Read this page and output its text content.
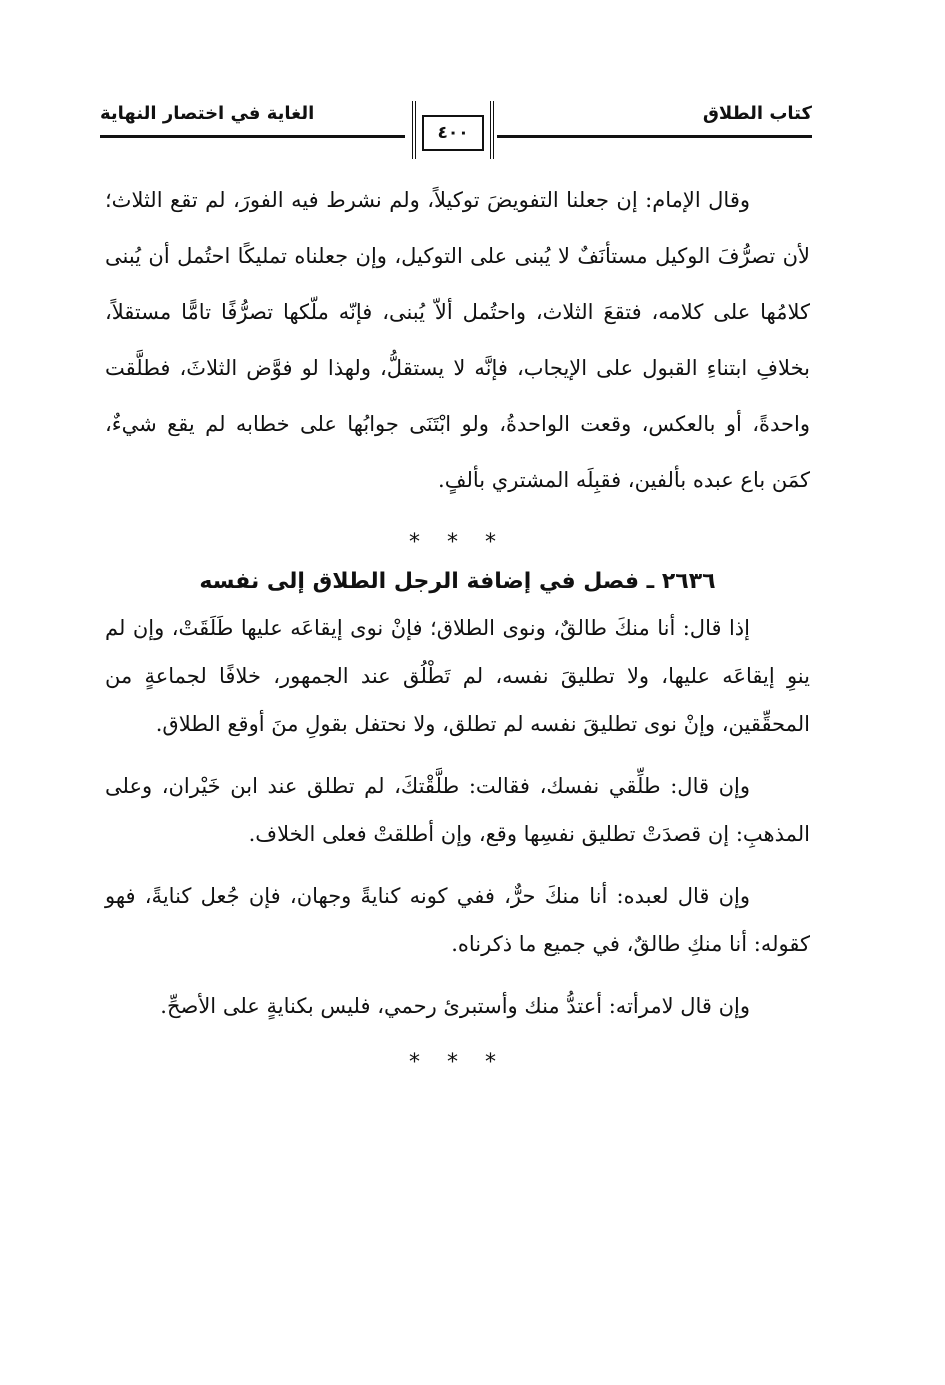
كتاب الطلاق
الغاية في اختصار النهاية
٤٠٠

وقال الإمام: إن جعلنا التفويضَ توكيلاً، ولم نشرط فيه الفورَ، لم تقع الثلاث؛ لأن تصرُّفَ الوكيل مستأنَفٌ لا يُبنى على التوكيل، وإن جعلناه تمليكًا احتُمل أن يُبنى كلامُها على كلامه، فتقعَ الثلاث، واحتُمل ألاّ يُبنى، فإنّه ملّكها تصرُّفًا تامًّا مستقلاً، بخلافِ ابتناءِ القبول على الإيجاب، فإنَّه لا يستقلُّ، ولهذا لو فوَّض الثلاثَ، فطلَّقت واحدةً، أو بالعكس، وقعت الواحدةُ، ولو ابْتَنَى جوابُها على خطابه لم يقع شيءٌ، كمَن باع عبده بألفين، فقبِلَه المشتري بألفٍ.

* * *
٢٦٣٦ ـ فصل في إضافة الرجل الطلاق إلى نفسه

إذا قال: أنا منكَ طالقٌ، ونوى الطلاق؛ فإنْ نوى إيقاعَه عليها طَلَقَتْ، وإن لم ينوِ إيقاعَه عليها، ولا تطليقَ نفسه، لم تَطْلُق عند الجمهور، خلافًا لجماعةٍ من المحقِّقين، وإنْ نوى تطليقَ نفسه لم تطلق، ولا نحتفل بقولِ منَ أوقع الطلاق.

وإن قال: طلِّقي نفسك، فقالت: طلَّقْتكَ، لم تطلق عند ابن خَيْران، وعلى المذهبِ: إن قصدَتْ تطليق نفسِها وقع، وإن أطلقتْ فعلى الخلاف.

وإن قال لعبده: أنا منكَ حرٌّ، ففي كونه كنايةً وجهان، فإن جُعل كنايةً، فهو كقوله: أنا منكِ طالقٌ، في جميع ما ذكرناه.

وإن قال لامرأته: أعتدُّ منك وأستبرئ رحمي، فليس بكنايةٍ على الأصحِّ.

* * *
